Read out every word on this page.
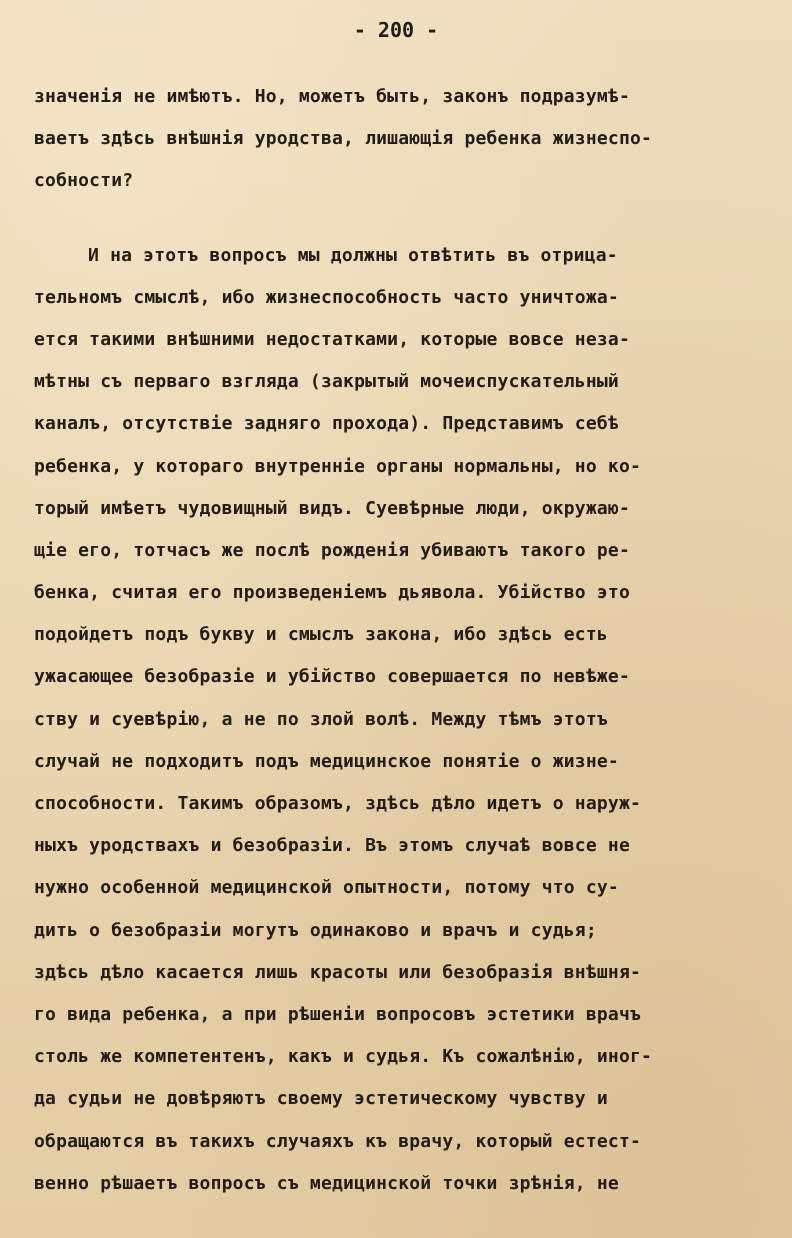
- 200 -
значенiя не имѣютъ. Но, можетъ быть, законъ подразумѣ-
ваетъ здѣсь внѣшнiя уродства, лишающiя ребенка жизнеспо-
собности?
И на этотъ вопросъ мы должны отвѣтить въ отрица-
тельномъ смыслѣ, ибо жизнеспособность часто уничтожа-
ется такими внѣшними недостатками, которые вовсе неза-
мѣтны съ перваго взгляда (закрытый мочеиспускательный
каналъ, отсутствiе задняго прохода). Представимъ себѣ
ребенка, у котораго внутреннiе органы нормальны, но ко-
торый имѣетъ чудовищный видъ. Суевѣрные люди, окружаю-
щiе его, тотчасъ же послѣ рожденiя убиваютъ такого ре-
бенка, считая его произведенiемъ дьявола. Убiйство это
подойдетъ подъ букву и смыслъ закона, ибо здѣсь есть
ужасающее безобразiе и убiйство совершается по невѣже-
ству и суевѣрiю, а не по злой волѣ. Между тѣмъ этотъ
случай не подходитъ подъ медицинское понятiе о жизне-
способности. Такимъ образомъ, здѣсь дѣло идетъ о наруж-
ныхъ уродствахъ и безобразiи. Въ этомъ случаѣ вовсе не
нужно особенной медицинской опытности, потому что су-
дить о безобразiи могутъ одинаково и врачъ и судья;
здѣсь дѣло касается лишь красоты или безобразiя внѣшня-
го вида ребенка, а при рѣшенiи вопросовъ эстетики врачъ
столь же компетентенъ, какъ и судья. Къ сожалѣнiю, иног-
да судьи не довѣряютъ своему эстетическому чувству и
обращаются въ такихъ случаяхъ къ врачу, который естест-
венно рѣшаетъ вопросъ съ медицинской точки зрѣнiя, не
